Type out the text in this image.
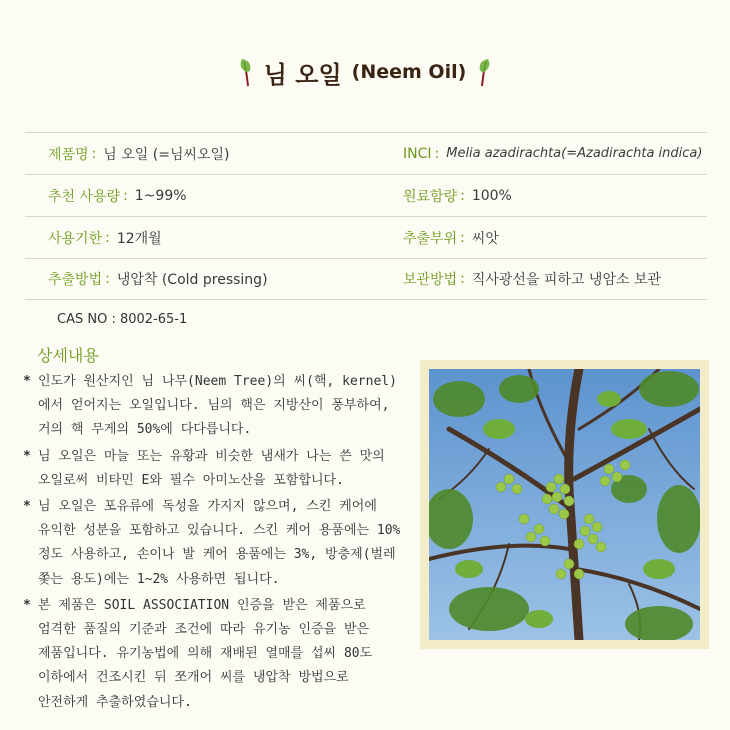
님 오일 (Neem Oil)
제품명 : 님 오일 (=님씨오일)	INCI : Melia azadirachta(=Azadirachta indica)
추천 사용량 : 1~99%	원료함량 : 100%
사용기한 : 12개월	추출부위 : 씨앗
추출방법 : 냉압착 (Cold pressing)	보관방법 : 직사광선을 피하고 냉암소 보관
CAS NO : 8002-65-1
상세내용
* 인도가 원산지인 님 나무(Neem Tree)의 씨(핵, kernel)
에서 얻어지는 오일입니다. 님의 핵은 지방산이 풍부하여,
거의 핵 무게의 50%에 다다릅니다.
* 님 오일은 마늘 또는 유황과 비슷한 냄새가 나는 쓴 맛의
오일로써 비타민 E와 필수 아미노산을 포함합니다.
* 님 오일은 포유류에 독성을 가지지 않으며, 스킨 케어에
유익한 성분을 포함하고 있습니다. 스킨 케어 용품에는 10%
정도 사용하고, 손이나 발 케어 용품에는 3%, 방충제(벌레
쫓는 용도)에는 1~2% 사용하면 됩니다.
* 본 제품은 SOIL ASSOCIATION 인증을 받은 제품으로
엄격한 품질의 기준과 조건에 따라 유기농 인증을 받은
제품입니다. 유기농법에 의해 재배된 열매를 섭씨 80도
이하에서 건조시킨 뒤 쪼개어 씨를 냉압착 방법으로
안전하게 추출하였습니다.
